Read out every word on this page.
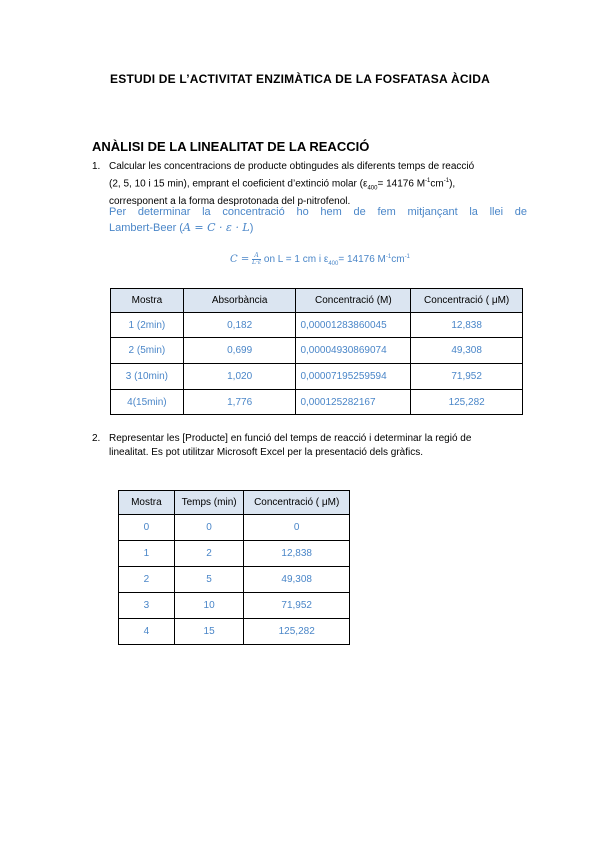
ESTUDI DE L’ACTIVITAT ENZIMÀTICA DE LA FOSFATASA ÀCIDA
ANÀLISI DE LA LINEALITAT DE LA REACCIÓ
1. Calcular les concentracions de producte obtingudes als diferents temps de reacció
(2, 5, 10 i 15 min), emprant el coeficient d’extinció molar ($\varepsilon_{400}= 14176$ $M^{-1}cm^{-1}$),
corresponent a la forma desprotonada del p-nitrofenol.
Per determinar la concentració ho hem de fem mitjançant la llei de
Lambert-Beer (A = C · ε · L)
$C = \frac{A}{L\cdot\varepsilon}$ on L = 1 cm i $\varepsilon_{400}= 14176$ $M^{-1}cm^{-1}$
Mostra	Absorbància	Concentració (M)	Concentració ( μM)
1 (2min)	0,182	0,00001283860045	12,838
2 (5min)	0,699	0,00004930869074	49,308
3 (10min)	1,020	0,00007195259594	71,952
4(15min)	1,776	0,000125282167	125,282
2. Representar les [Producte] en funció del temps de reacció i determinar la regió de
linealitat. Es pot utilitzar Microsoft Excel per la presentació dels gràfics.
Mostra	Temps (min)	Concentració ( μM)
0	0	0
1	2	12,838
2	5	49,308
3	10	71,952
4	15	125,282
